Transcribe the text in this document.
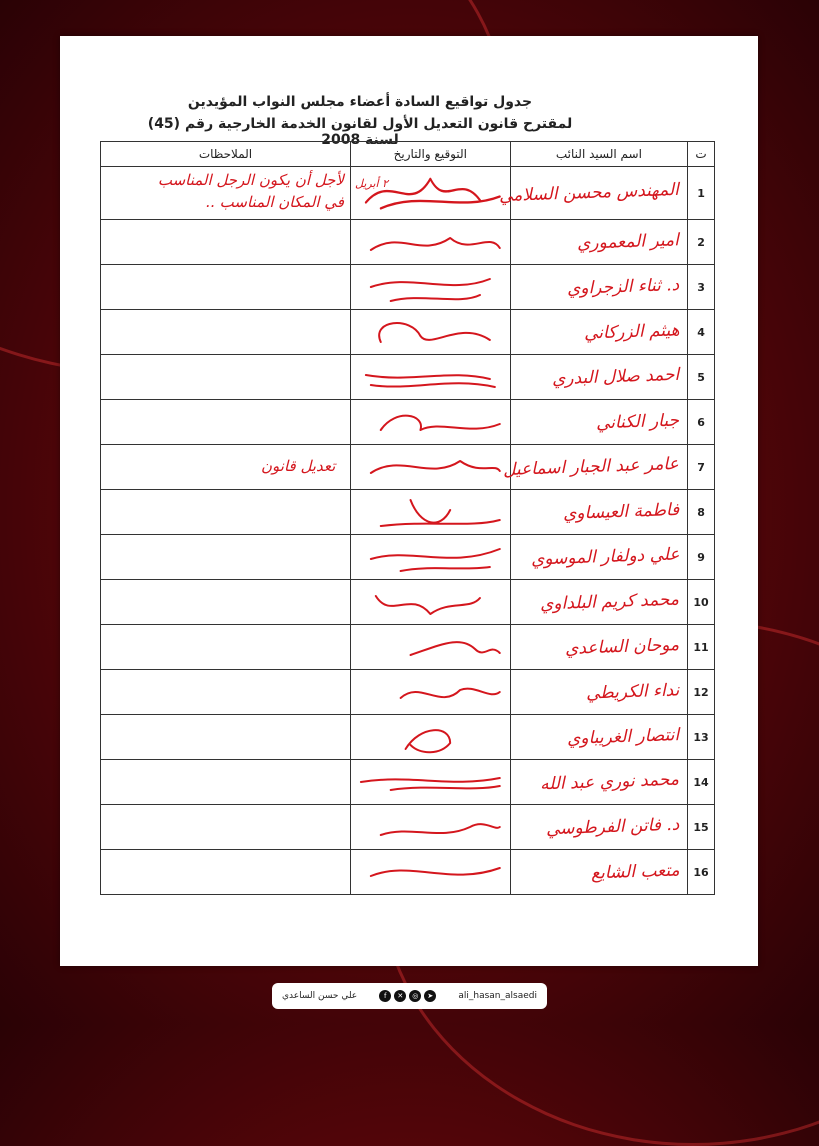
جدول تواقيع السادة أعضاء مجلس النواب المؤيدين
لمقترح قانون التعديل الأول لقانون الخدمة الخارجية رقم (45) لسنة 2008
ت	اسم السيد النائب	التوقيع والتاريخ	الملاحظات
1	المهندس محسن السلامي	٢ أبريل	لأجل أن يكون الرجل المناسب
في المكان المناسب ..

2	امير المعموري

3	د. ثناء الزجراوي

4	هيثم الزركاني

5	احمد صلال البدري

6	جبار الكناني

7	عامر عبد الجبار اسماعيل		تعديل قانون

8	فاطمة العيساوي

9	علي دولفار الموسوي

10	محمد كريم البلداوي

11	موحان الساعدي

12	نداء الكريطي

13	انتصار الغريباوي

14	محمد نوري عبد الله

15	د. فاتن الفرطوسي

16	متعب الشايع

علي حسن الساعدي	f	✕	◎	➤	ali_hasan_alsaedi
